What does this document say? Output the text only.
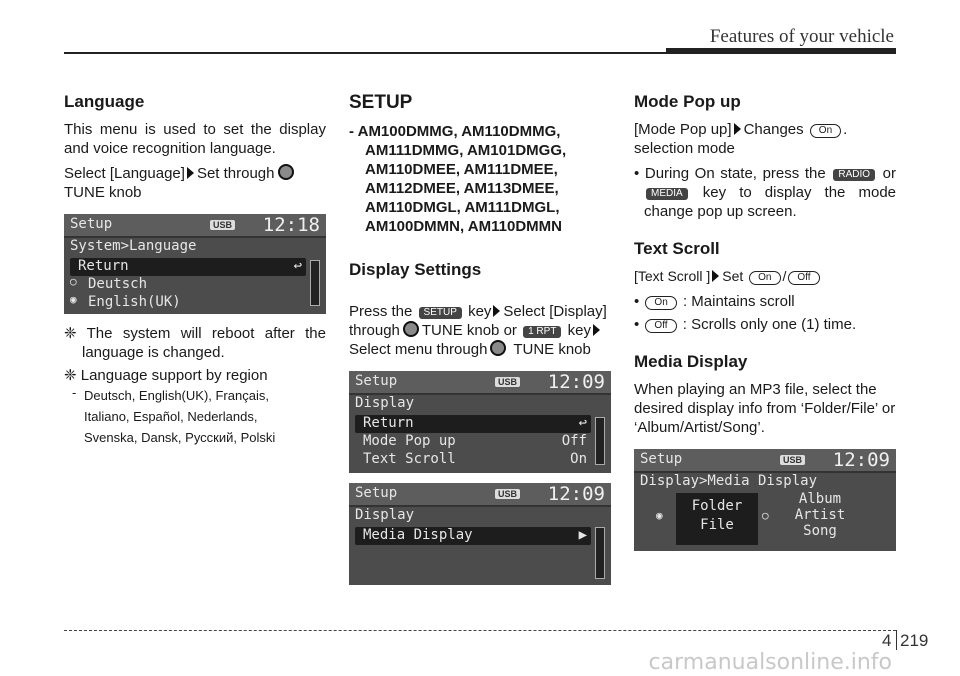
Features of your vehicle
Language

This menu is used to set the display and voice recognition language.

Select [Language] Set through
TUNE knob

Setup	USB 12:18
System>Language
Return	↩
○ Deutsch
◉ English(UK)

❈ The system will reboot after the language is changed.

❈ Language support by region

- Deutsch, English(UK), Français,
Italiano, Español, Nederlands,
Svenska, Dansk, Русский, Polski
SETUP

- AM100DMMG, AM110DMMG, AM111DMMG, AM101DMGG, AM110DMEE, AM111DMEE, AM112DMEE, AM113DMEE, AM110DMGL, AM111DMGL, AM100DMMN, AM110DMMN

Display Settings

Press the SETUP key Select [Display] through TUNE knob or 1 RPT keySelect menu through TUNE knob

Setup	USB 12:09
Display
Return	↩
Mode Pop up	Off
Text Scroll	On
Setup	USB 12:09
Display
Media Display	▶
Mode Pop up

[Mode Pop up] Changes On .
selection mode

• During On state, press the RADIO or MEDIA key to display the mode change pop up screen.

Text Scroll

[Text Scroll ] Set On / Off

• On : Maintains scroll

• Off : Scrolls only one (1) time.

Media Display

When playing an MP3 file, select the desired display info from ‘Folder/File’ or ‘Album/Artist/Song’.

Setup	USB 12:09
Display>Media Display
◉
Folder
File
○
Album
Artist
Song
4 219
carmanualsonline.info
